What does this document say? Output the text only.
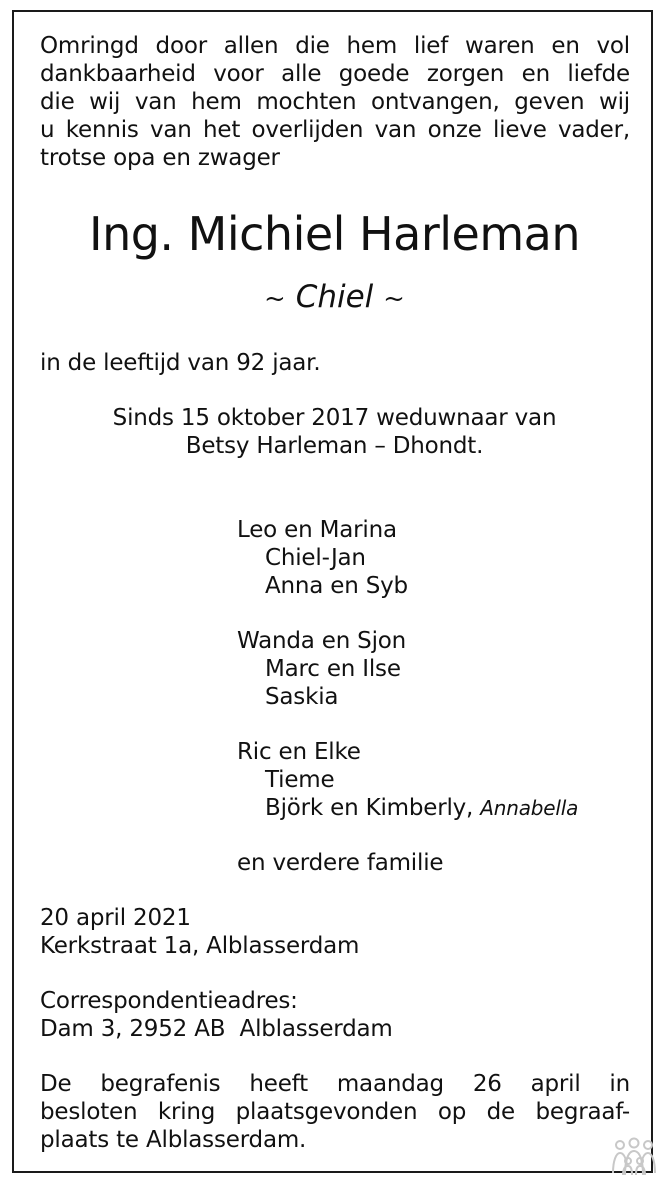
Omringd door allen die hem lief waren en vol
dankbaarheid voor alle goede zorgen en liefde
die wij van hem mochten ontvangen, geven wij
u kennis van het overlijden van onze lieve vader,
trotse opa en zwager
Ing. Michiel Harleman
~ Chiel ~
in de leeftijd van 92 jaar.
Sinds 15 oktober 2017 weduwnaar van
Betsy Harleman – Dhondt.
Leo en Marina
Chiel-Jan
Anna en Syb
Wanda en Sjon
Marc en Ilse
Saskia
Ric en Elke
Tieme
Björk en Kimberly, Annabella
en verdere familie
20 april 2021
Kerkstraat 1a, Alblasserdam
Correspondentieadres:
Dam 3, 2952 AB  Alblasserdam
De begrafenis heeft maandag 26 april in
besloten kring plaatsgevonden op de begraaf-
plaats te Alblasserdam.
